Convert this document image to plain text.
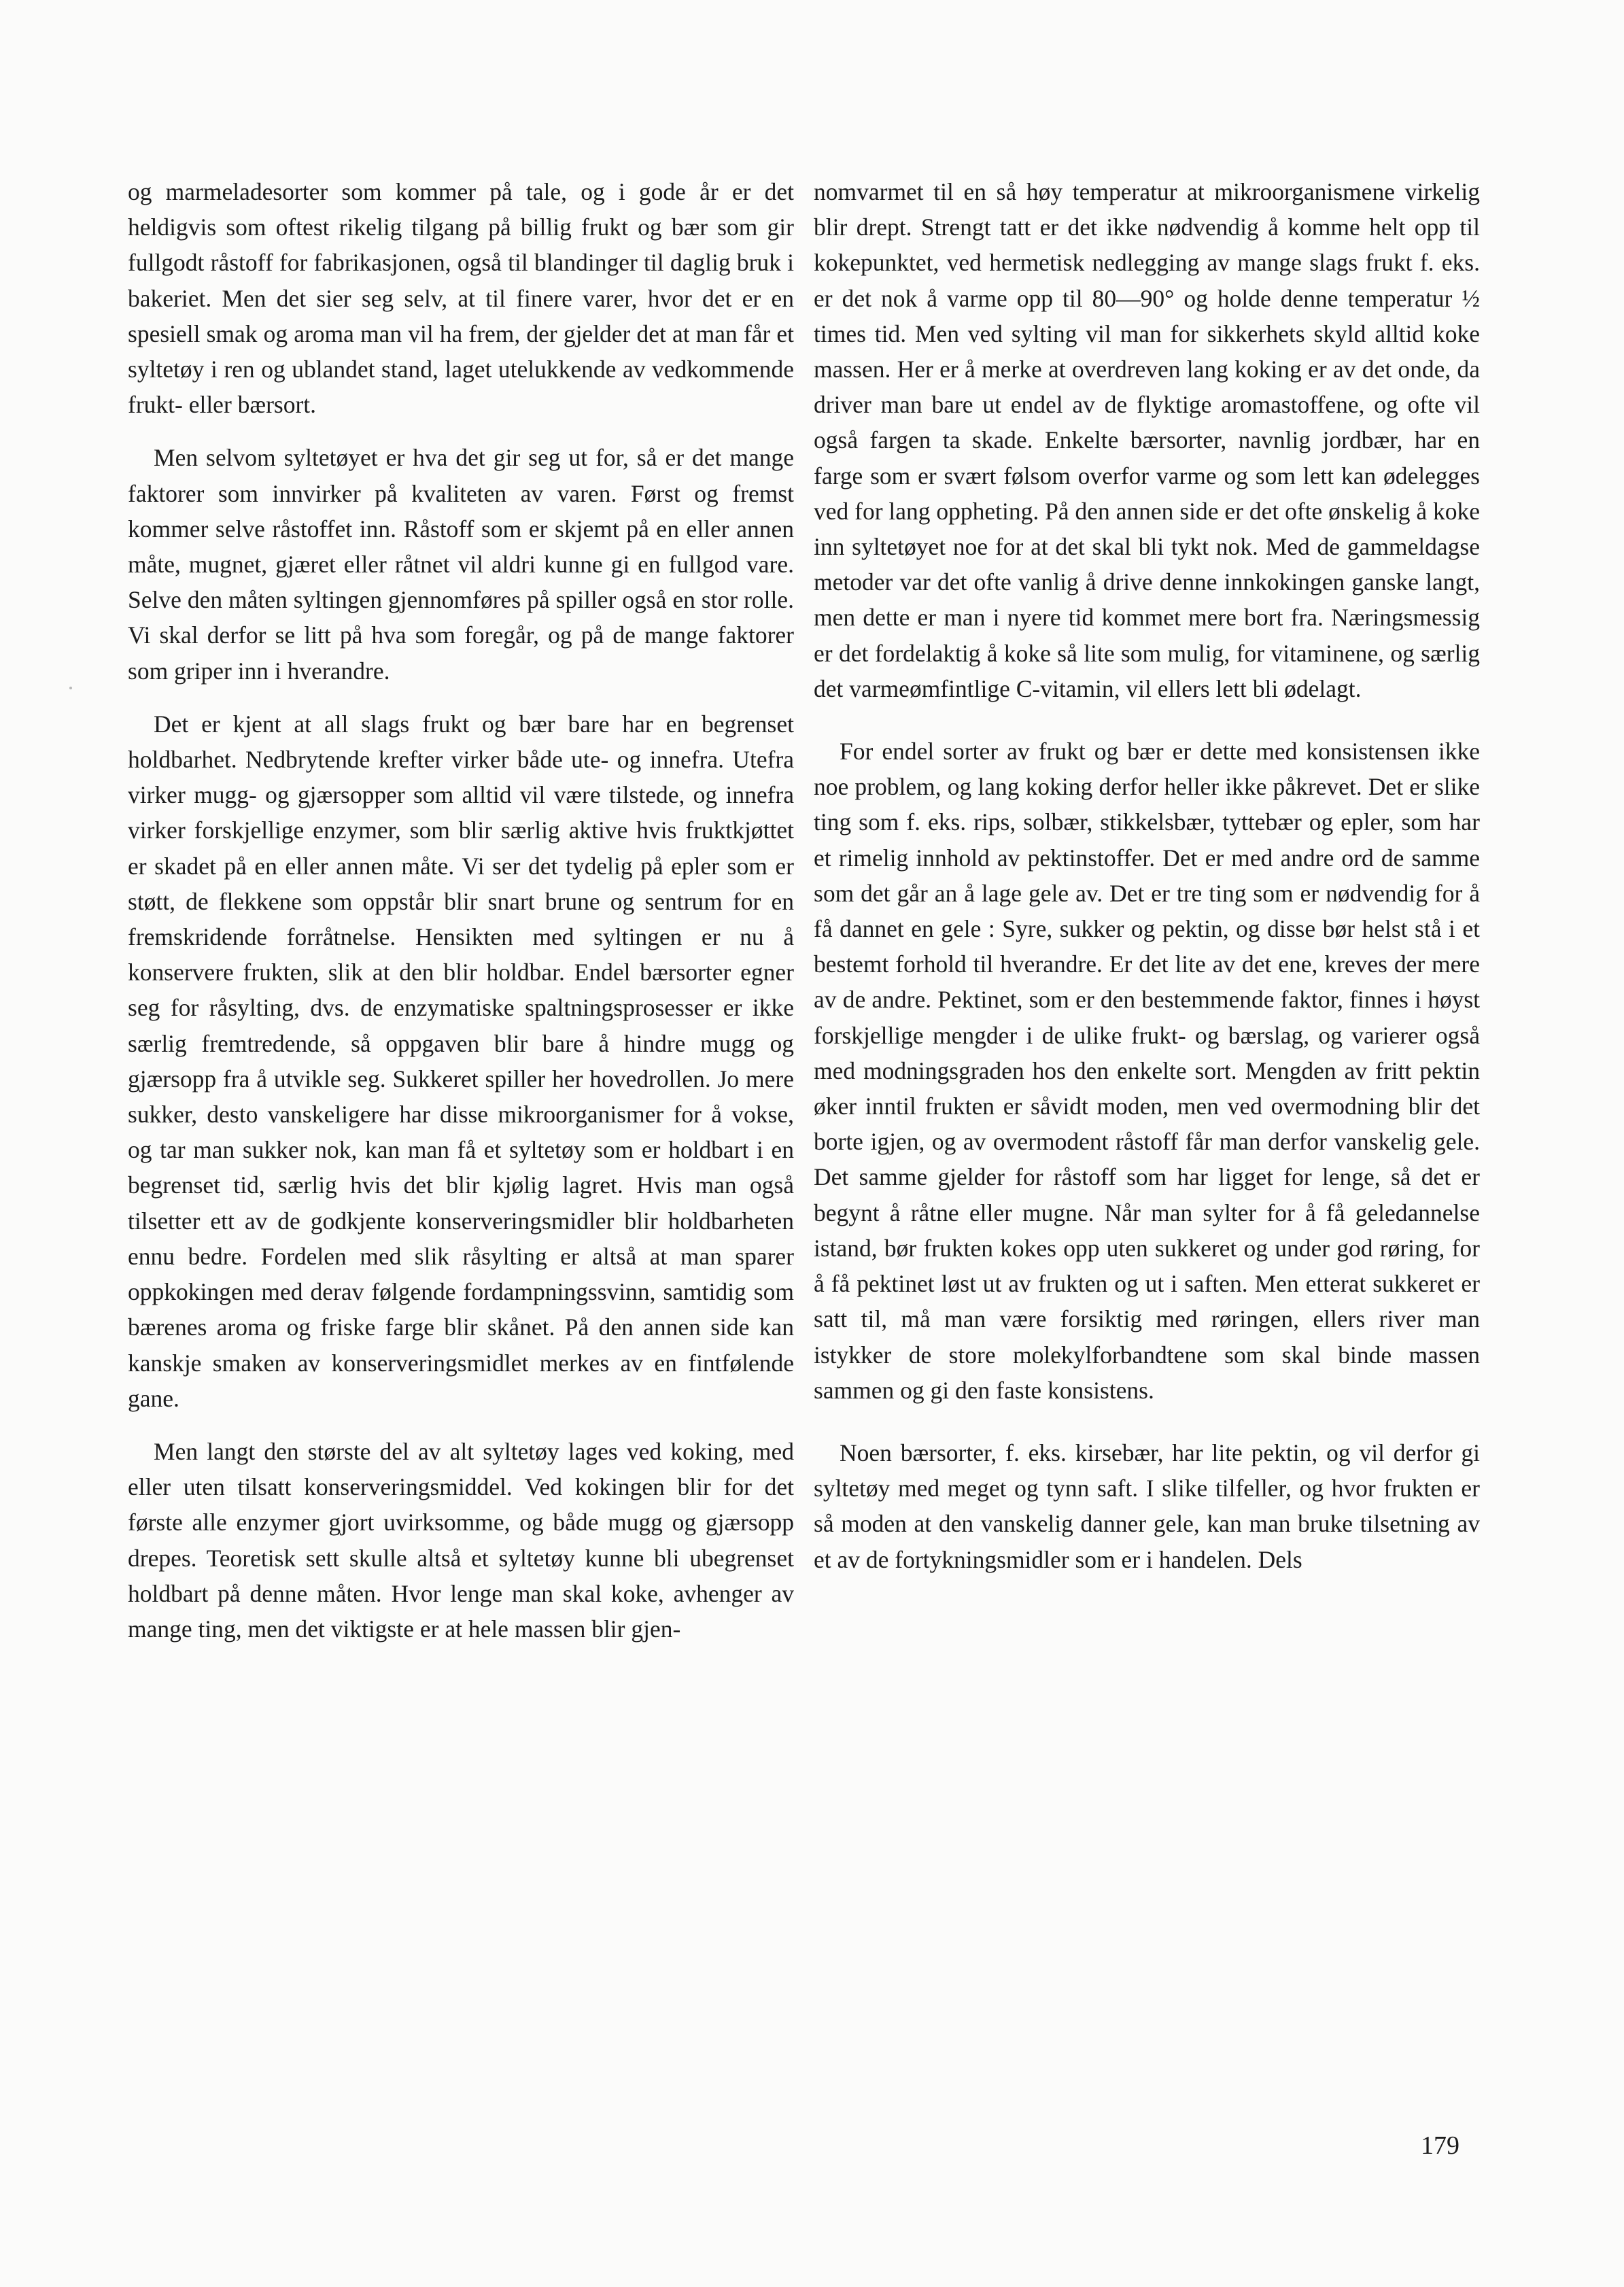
og marmeladesorter som kommer på tale, og i gode år er det heldigvis som oftest rikelig tilgang på billig frukt og bær som gir fullgodt råstoff for fabrikasjonen, også til blandinger til daglig bruk i bakeriet. Men det sier seg selv, at til finere varer, hvor det er en spesiell smak og aroma man vil ha frem, der gjelder det at man får et syltetøy i ren og ublandet stand, laget utelukkende av vedkommende frukt- eller bærsort.

Men selvom syltetøyet er hva det gir seg ut for, så er det mange faktorer som innvirker på kvaliteten av varen. Først og fremst kommer selve råstoffet inn. Råstoff som er skjemt på en eller annen måte, mugnet, gjæret eller råtnet vil aldri kunne gi en fullgod vare. Selve den måten syltingen gjennomføres på spiller også en stor rolle. Vi skal derfor se litt på hva som foregår, og på de mange faktorer som griper inn i hverandre.

Det er kjent at all slags frukt og bær bare har en begrenset holdbarhet. Nedbrytende krefter virker både ute- og innefra. Utefra virker mugg- og gjærsopper som alltid vil være tilstede, og innefra virker forskjellige enzymer, som blir særlig aktive hvis fruktkjøttet er skadet på en eller annen måte. Vi ser det tydelig på epler som er støtt, de flekkene som oppstår blir snart brune og sentrum for en fremskridende forråtnelse. Hensikten med syltingen er nu å konservere frukten, slik at den blir holdbar. Endel bærsorter egner seg for råsylting, dvs. de enzymatiske spaltningsprosesser er ikke særlig fremtredende, så oppgaven blir bare å hindre mugg og gjærsopp fra å utvikle seg. Sukkeret spiller her hovedrollen. Jo mere sukker, desto vanskeligere har disse mikroorganismer for å vokse, og tar man sukker nok, kan man få et syltetøy som er holdbart i en begrenset tid, særlig hvis det blir kjølig lagret. Hvis man også tilsetter ett av de godkjente konserveringsmidler blir holdbarheten ennu bedre. Fordelen med slik råsylting er altså at man sparer oppkokingen med derav følgende fordampningssvinn, samtidig som bærenes aroma og friske farge blir skånet. På den annen side kan kanskje smaken av konserveringsmidlet merkes av en fintfølende gane.

Men langt den største del av alt syltetøy lages ved koking, med eller uten tilsatt konserveringsmiddel. Ved kokingen blir for det første alle enzymer gjort uvirksomme, og både mugg og gjærsopp drepes. Teoretisk sett skulle altså et syltetøy kunne bli ubegrenset holdbart på denne måten. Hvor lenge man skal koke, avhenger av mange ting, men det viktigste er at hele massen blir gjen-

nomvarmet til en så høy temperatur at mikroorganismene virkelig blir drept. Strengt tatt er det ikke nødvendig å komme helt opp til kokepunktet, ved hermetisk nedlegging av mange slags frukt f. eks. er det nok å varme opp til 80—90° og holde denne temperatur ½ times tid. Men ved sylting vil man for sikkerhets skyld alltid koke massen. Her er å merke at overdreven lang koking er av det onde, da driver man bare ut endel av de flyktige aromastoffene, og ofte vil også fargen ta skade. Enkelte bærsorter, navnlig jordbær, har en farge som er svært følsom overfor varme og som lett kan ødelegges ved for lang oppheting. På den annen side er det ofte ønskelig å koke inn syltetøyet noe for at det skal bli tykt nok. Med de gammeldagse metoder var det ofte vanlig å drive denne innkokingen ganske langt, men dette er man i nyere tid kommet mere bort fra. Næringsmessig er det fordelaktig å koke så lite som mulig, for vitaminene, og særlig det varmeømfintlige C-vitamin, vil ellers lett bli ødelagt.

For endel sorter av frukt og bær er dette med konsistensen ikke noe problem, og lang koking derfor heller ikke påkrevet. Det er slike ting som f. eks. rips, solbær, stikkelsbær, tyttebær og epler, som har et rimelig innhold av pektinstoffer. Det er med andre ord de samme som det går an å lage gele av. Det er tre ting som er nødvendig for å få dannet en gele : Syre, sukker og pektin, og disse bør helst stå i et bestemt forhold til hverandre. Er det lite av det ene, kreves der mere av de andre. Pektinet, som er den bestemmende faktor, finnes i høyst forskjellige mengder i de ulike frukt- og bærslag, og varierer også med modningsgraden hos den enkelte sort. Mengden av fritt pektin øker inntil frukten er såvidt moden, men ved overmodning blir det borte igjen, og av overmodent råstoff får man derfor vanskelig gele. Det samme gjelder for råstoff som har ligget for lenge, så det er begynt å råtne eller mugne. Når man sylter for å få geledannelse istand, bør frukten kokes opp uten sukkeret og under god røring, for å få pektinet løst ut av frukten og ut i saften. Men etterat sukkeret er satt til, må man være forsiktig med røringen, ellers river man istykker de store molekylforbandtene som skal binde massen sammen og gi den faste konsistens.

Noen bærsorter, f. eks. kirsebær, har lite pektin, og vil derfor gi syltetøy med meget og tynn saft. I slike tilfeller, og hvor frukten er så moden at den vanskelig danner gele, kan man bruke tilsetning av et av de fortykningsmidler som er i handelen. Dels

179
